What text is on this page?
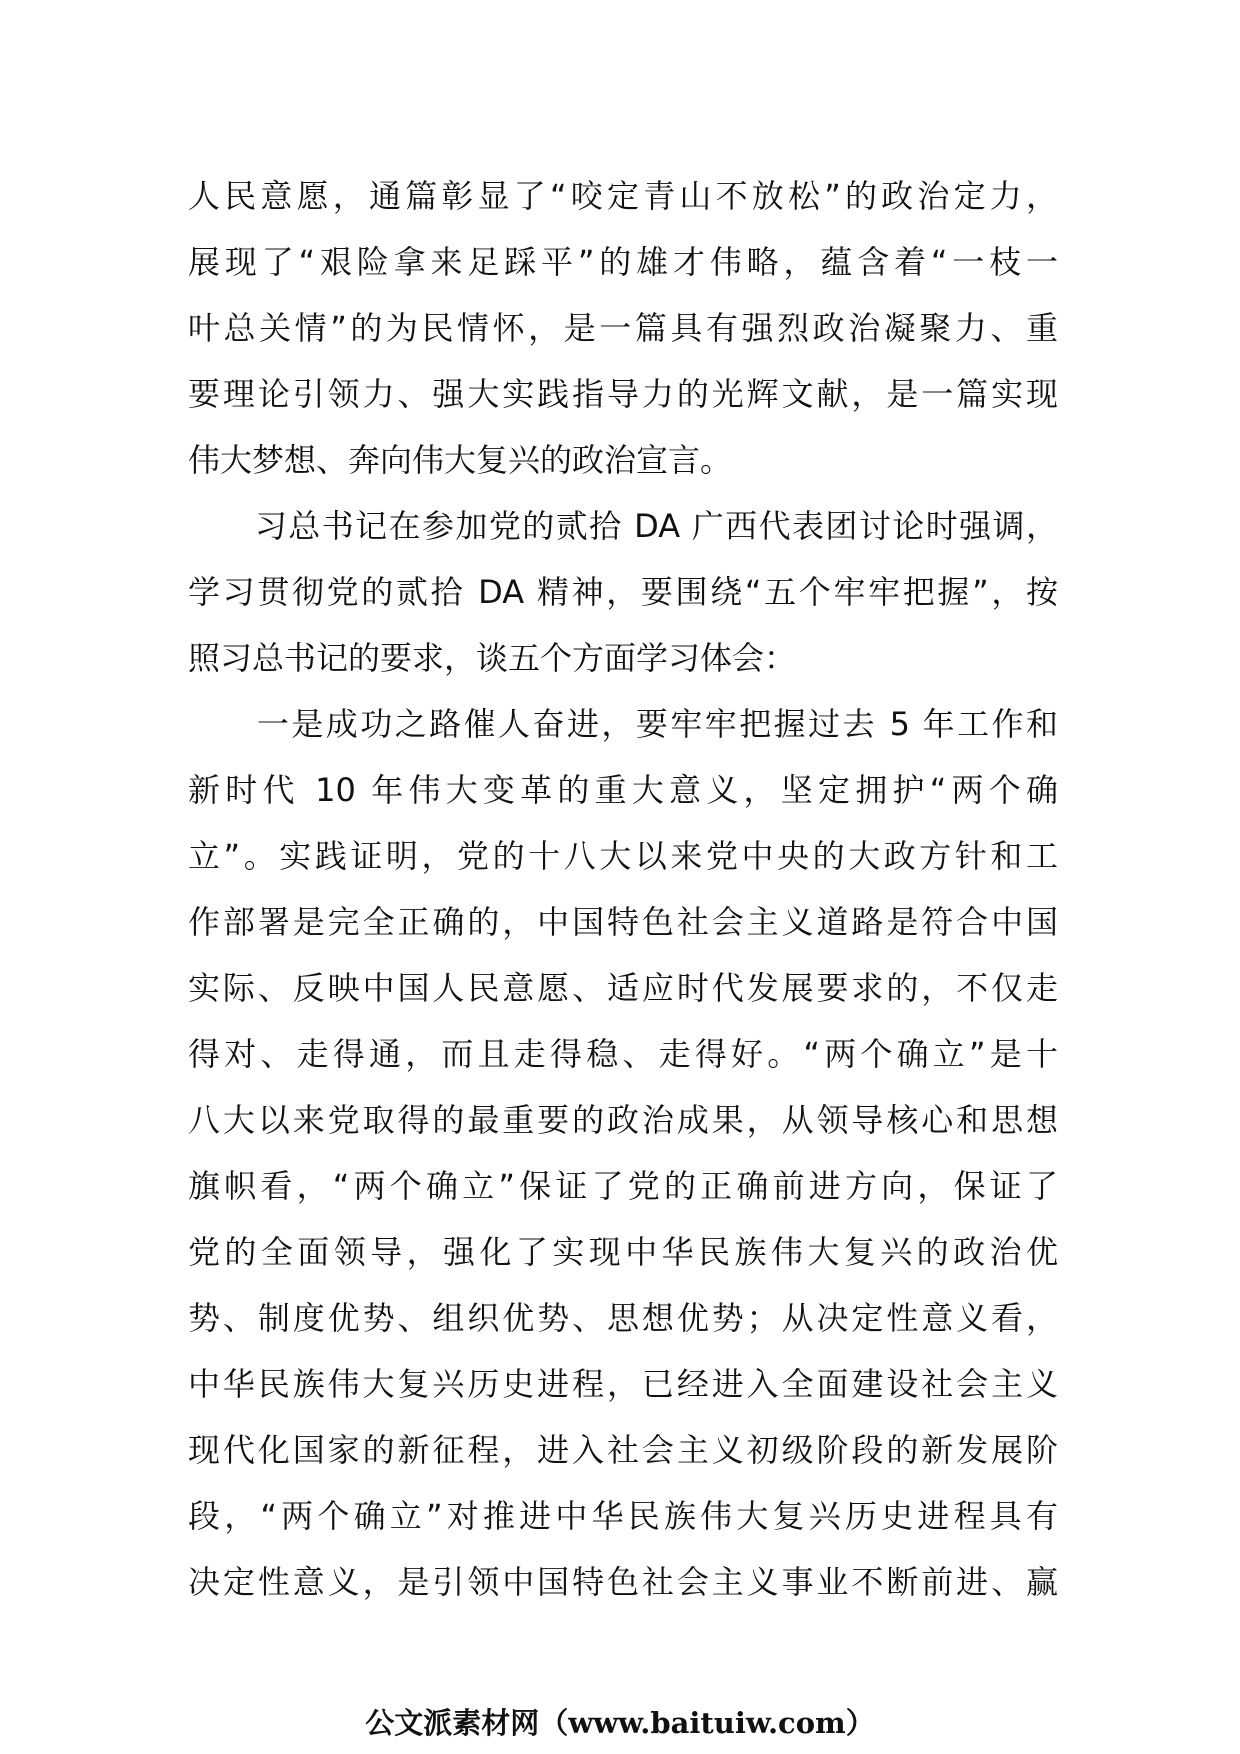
人民意愿，通篇彰显了“咬定青山不放松”的政治定力，
展现了“艰险拿来足踩平”的雄才伟略，蕴含着“一枝一
叶总关情”的为民情怀，是一篇具有强烈政治凝聚力、重
要理论引领力、强大实践指导力的光辉文献，是一篇实现
伟大梦想、奔向伟大复兴的政治宣言。
　　习总书记在参加党的贰拾 DA 广西代表团讨论时强调，
学习贯彻党的贰拾 DA 精神，要围绕“五个牢牢把握”，按
照习总书记的要求，谈五个方面学习体会：
　　一是成功之路催人奋进，要牢牢把握过去 5 年工作和
新时代 10 年伟大变革的重大意义，坚定拥护“两个确
立”。实践证明，党的十八大以来党中央的大政方针和工
作部署是完全正确的，中国特色社会主义道路是符合中国
实际、反映中国人民意愿、适应时代发展要求的，不仅走
得对、走得通，而且走得稳、走得好。“两个确立”是十
八大以来党取得的最重要的政治成果，从领导核心和思想
旗帜看，“两个确立”保证了党的正确前进方向，保证了
党的全面领导，强化了实现中华民族伟大复兴的政治优
势、制度优势、组织优势、思想优势；从决定性意义看，
中华民族伟大复兴历史进程，已经进入全面建设社会主义
现代化国家的新征程，进入社会主义初级阶段的新发展阶
段，“两个确立”对推进中华民族伟大复兴历史进程具有
决定性意义，是引领中国特色社会主义事业不断前进、赢
公文派素材网（www.baituiw.com）
